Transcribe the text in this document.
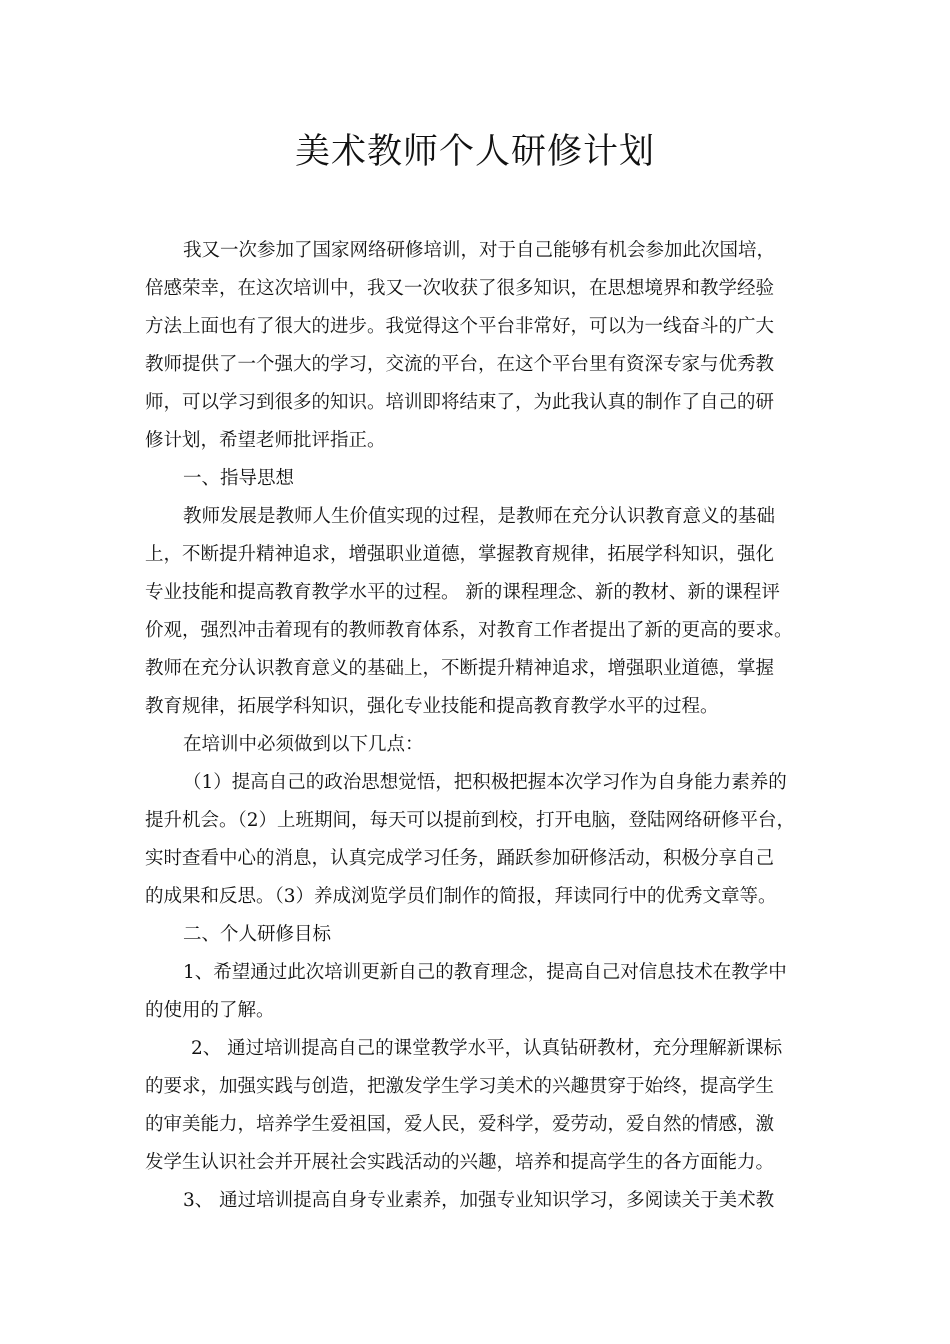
美术教师个人研修计划
我又一次参加了国家网络研修培训，对于自己能够有机会参加此次国培，
倍感荣幸，在这次培训中，我又一次收获了很多知识，在思想境界和教学经验
方法上面也有了很大的进步。我觉得这个平台非常好，可以为一线奋斗的广大
教师提供了一个强大的学习，交流的平台，在这个平台里有资深专家与优秀教
师，可以学习到很多的知识。培训即将结束了，为此我认真的制作了自己的研
修计划，希望老师批评指正。
一、指导思想
教师发展是教师人生价值实现的过程，是教师在充分认识教育意义的基础
上，不断提升精神追求，增强职业道德，掌握教育规律，拓展学科知识，强化
专业技能和提高教育教学水平的过程。 新的课程理念、新的教材、新的课程评
价观，强烈冲击着现有的教师教育体系，对教育工作者提出了新的更高的要求。
教师在充分认识教育意义的基础上，不断提升精神追求，增强职业道德，掌握
教育规律，拓展学科知识，强化专业技能和提高教育教学水平的过程。
在培训中必须做到以下几点：
（1）提高自己的政治思想觉悟，把积极把握本次学习作为自身能力素养的
提升机会。（2）上班期间，每天可以提前到校，打开电脑，登陆网络研修平台，
实时查看中心的消息，认真完成学习任务，踊跃参加研修活动，积极分享自己
的成果和反思。（3）养成浏览学员们制作的简报，拜读同行中的优秀文章等。
二、个人研修目标
1、希望通过此次培训更新自己的教育理念，提高自己对信息技术在教学中
的使用的了解。
2、 通过培训提高自己的课堂教学水平，认真钻研教材，充分理解新课标
的要求，加强实践与创造，把激发学生学习美术的兴趣贯穿于始终，提高学生
的审美能力，培养学生爱祖国，爱人民，爱科学，爱劳动，爱自然的情感，激
发学生认识社会并开展社会实践活动的兴趣，培养和提高学生的各方面能力。
3、 通过培训提高自身专业素养，加强专业知识学习，多阅读关于美术教
